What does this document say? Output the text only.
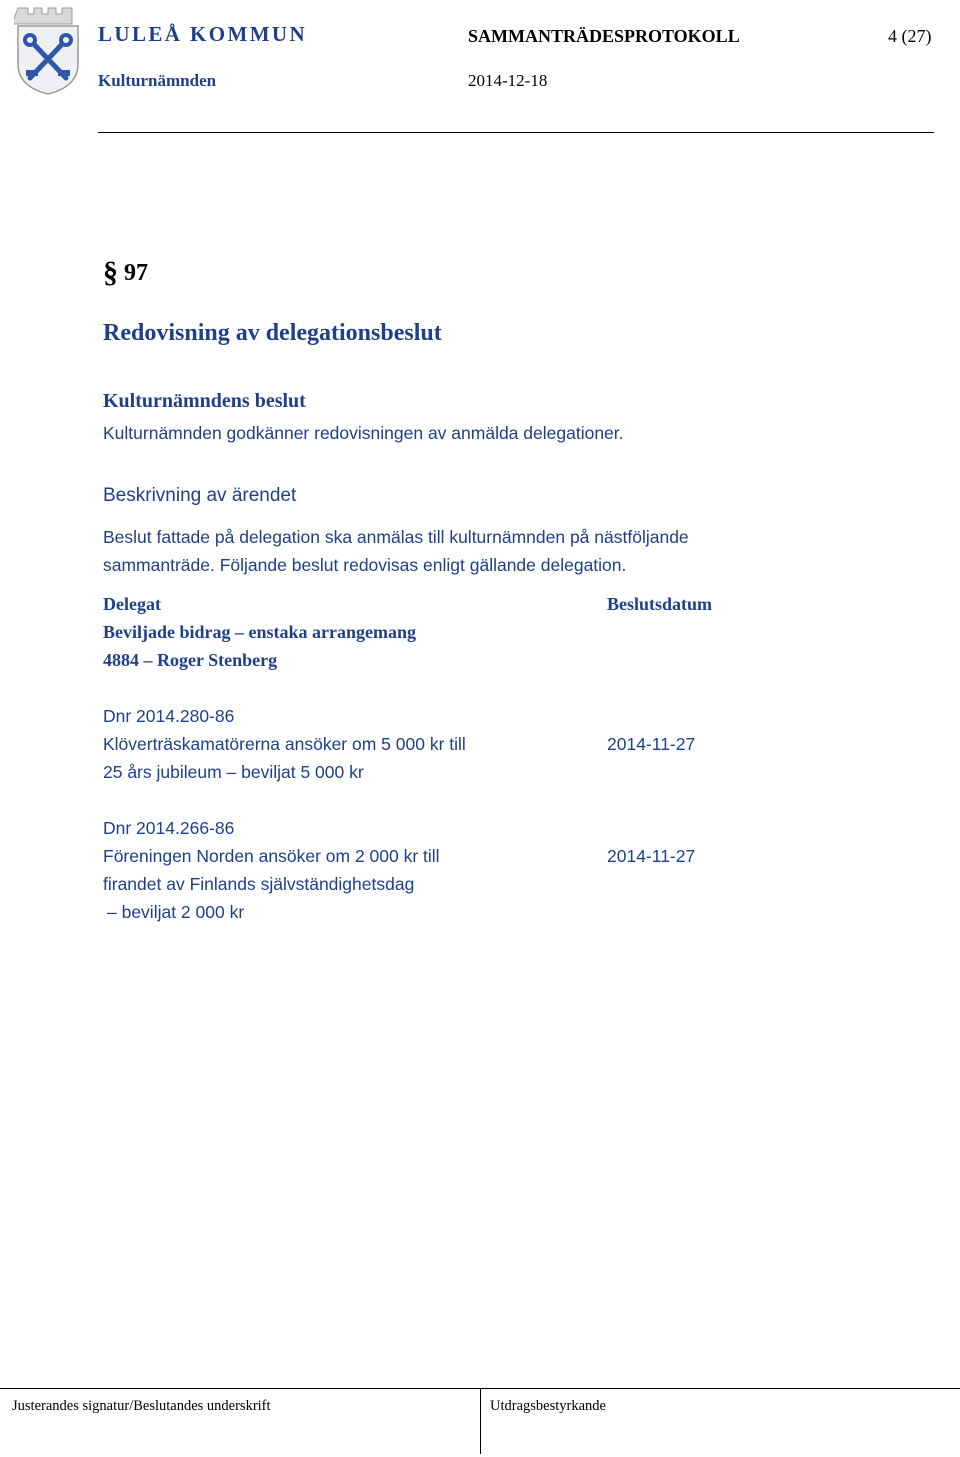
LULEÅ KOMMUN	SAMMANTRÄDESPROTOKOLL	4 (27)
Kulturnämnden	2014-12-18
§ 97
Redovisning av delegationsbeslut
Kulturnämndens beslut
Kulturnämnden godkänner redovisningen av anmälda delegationer.
Beskrivning av ärendet
Beslut fattade på delegation ska anmälas till kulturnämnden på nästföljande
sammanträde. Följande beslut redovisas enligt gällande delegation.
Delegat	Beslutsdatum
Beviljade bidrag – enstaka arrangemang
4884 – Roger Stenberg
Dnr 2014.280-86
Klöverträskamatörerna ansöker om 5 000 kr till
25 års jubileum – beviljat 5 000 kr
2014-11-27
Dnr 2014.266-86
Föreningen Norden ansöker om 2 000 kr till
firandet av Finlands självständighetsdag
– beviljat 2 000 kr
2014-11-27
Justerandes signatur/Beslutandes underskrift	Utdragsbestyrkande
